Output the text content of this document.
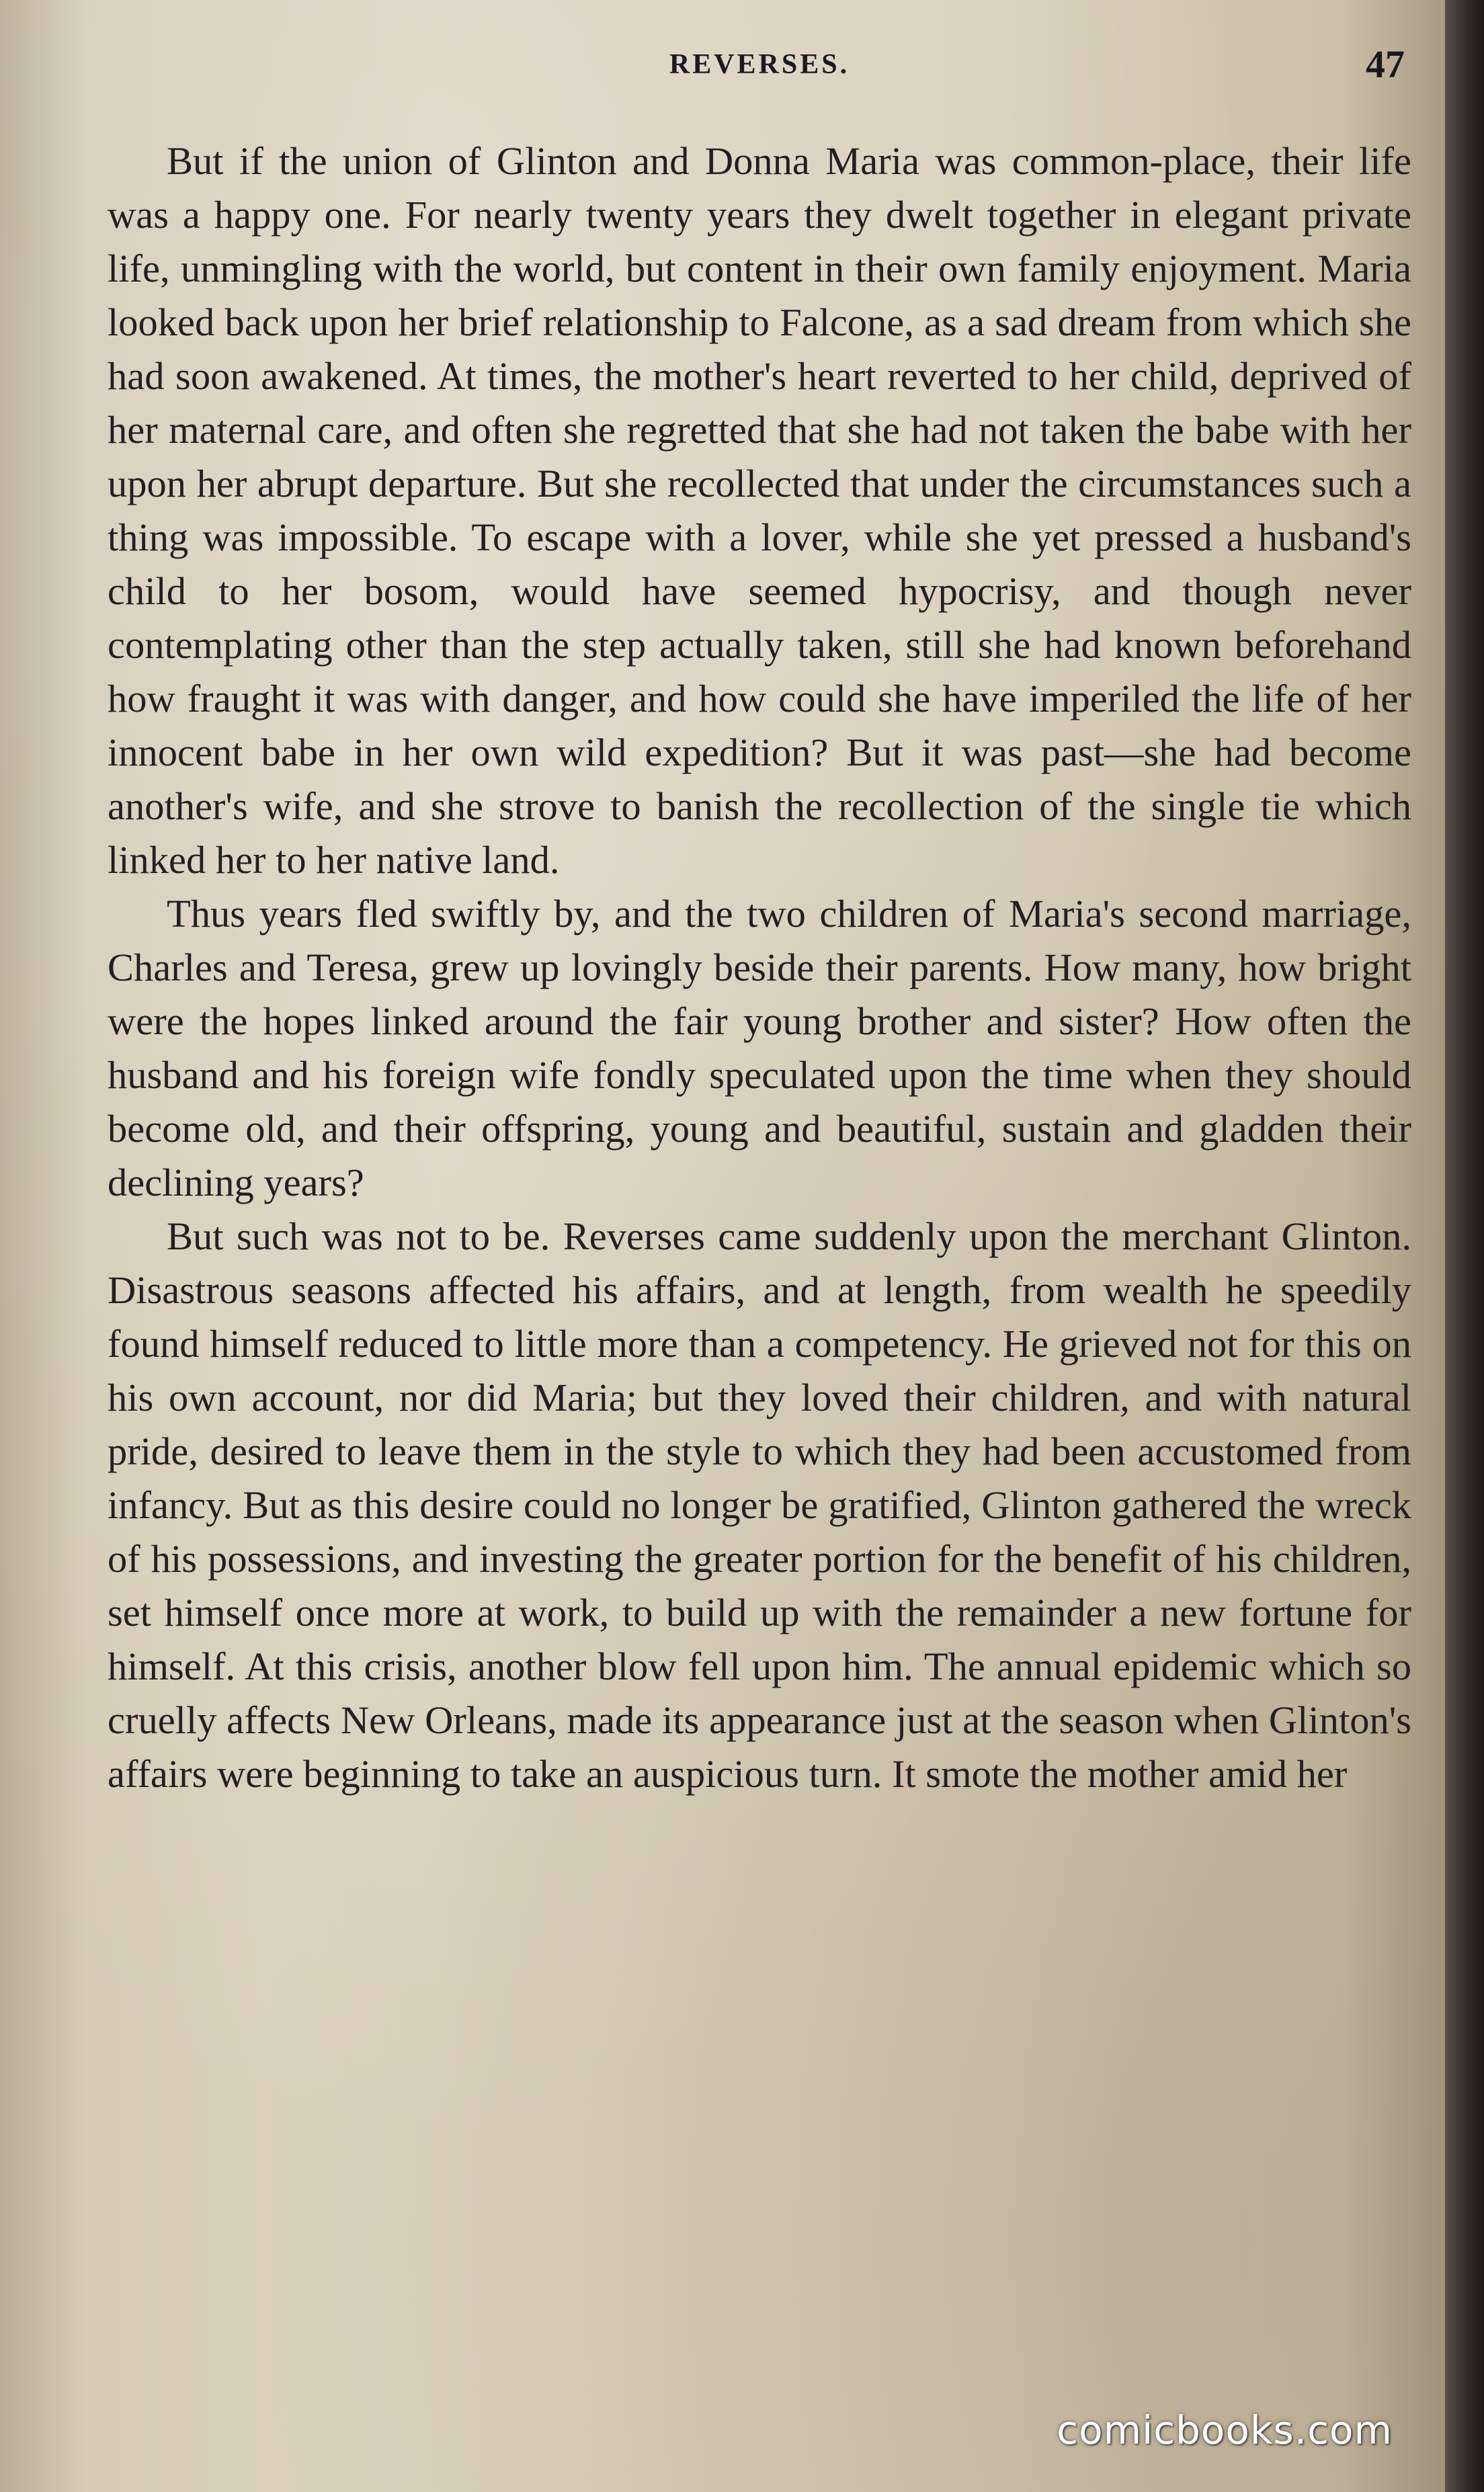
REVERSES.	47

But if the union of Glinton and Donna Maria was common-place, their life was a happy one. For nearly twenty years they dwelt together in elegant private life, unmingling with the world, but content in their own family enjoyment. Maria looked back upon her brief relationship to Falcone, as a sad dream from which she had soon awakened. At times, the mother's heart reverted to her child, deprived of her maternal care, and often she regretted that she had not taken the babe with her upon her abrupt departure. But she recollected that under the circumstances such a thing was impossible. To escape with a lover, while she yet pressed a husband's child to her bosom, would have seemed hypocrisy, and though never contemplating other than the step actually taken, still she had known beforehand how fraught it was with danger, and how could she have imperiled the life of her innocent babe in her own wild expedition? But it was past—she had become another's wife, and she strove to banish the recollection of the single tie which linked her to her native land.

Thus years fled swiftly by, and the two children of Maria's second marriage, Charles and Teresa, grew up lovingly beside their parents. How many, how bright were the hopes linked around the fair young brother and sister? How often the husband and his foreign wife fondly speculated upon the time when they should become old, and their offspring, young and beautiful, sustain and gladden their declining years?

But such was not to be. Reverses came suddenly upon the merchant Glinton. Disastrous seasons affected his affairs, and at length, from wealth he speedily found himself reduced to little more than a competency. He grieved not for this on his own account, nor did Maria; but they loved their children, and with natural pride, desired to leave them in the style to which they had been accustomed from infancy. But as this desire could no longer be gratified, Glinton gathered the wreck of his possessions, and investing the greater portion for the benefit of his children, set himself once more at work, to build up with the remainder a new fortune for himself. At this crisis, another blow fell upon him. The annual epidemic which so cruelly affects New Orleans, made its appearance just at the season when Glinton's affairs were beginning to take an auspicious turn. It smote the mother amid her

comicbooks.com
